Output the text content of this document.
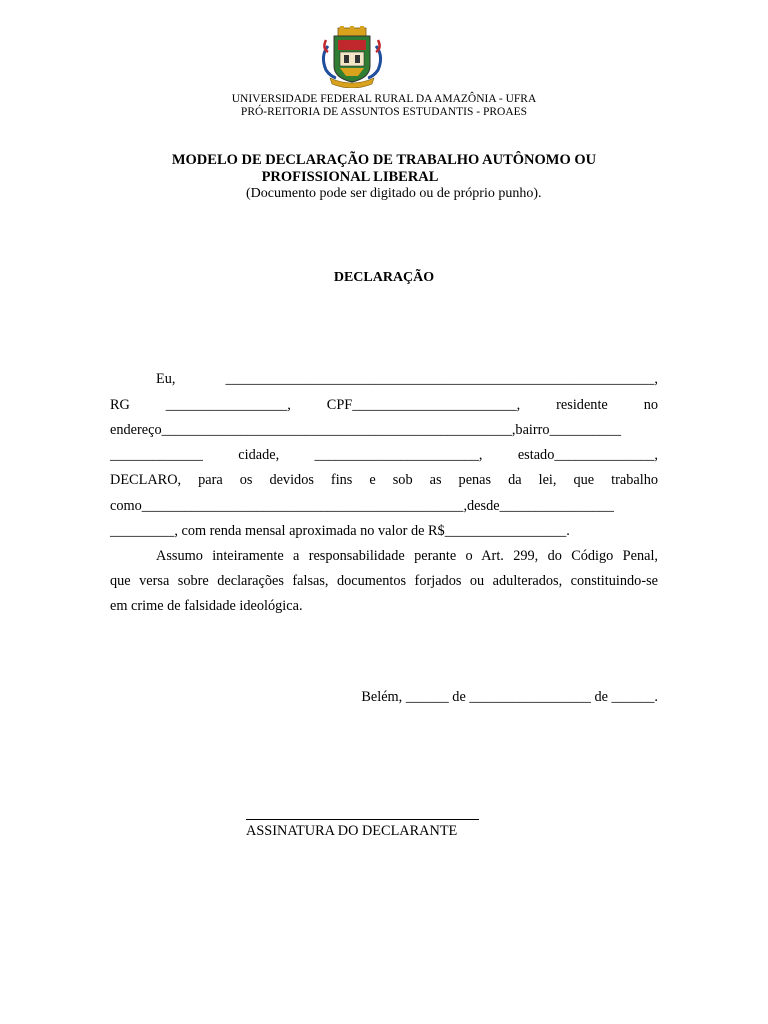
UNIVERSIDADE FEDERAL RURAL DA AMAZÔNIA - UFRA
PRÓ-REITORIA DE ASSUNTOS ESTUDANTIS - PROAES
MODELO DE DECLARAÇÃO DE TRABALHO AUTÔNOMO OU
PROFISSIONAL LIBERAL
(Documento pode ser digitado ou de próprio punho).
DECLARAÇÃO
Eu, ____________________________________________________________,
RG _________________, CPF_______________________, residente no
endereço_________________________________________________,bairro__________
_____________ cidade, _______________________, estado______________,
DECLARO, para os devidos fins e sob as penas da lei, que trabalho
como_____________________________________________,desde________________
_________, com renda mensal aproximada no valor de R$_________________.
Assumo inteiramente a responsabilidade perante o Art. 299, do Código Penal,
que versa sobre declarações falsas, documentos forjados ou adulterados, constituindo-se
em crime de falsidade ideológica.
Belém, ______ de _________________ de ______.
ASSINATURA DO DECLARANTE
